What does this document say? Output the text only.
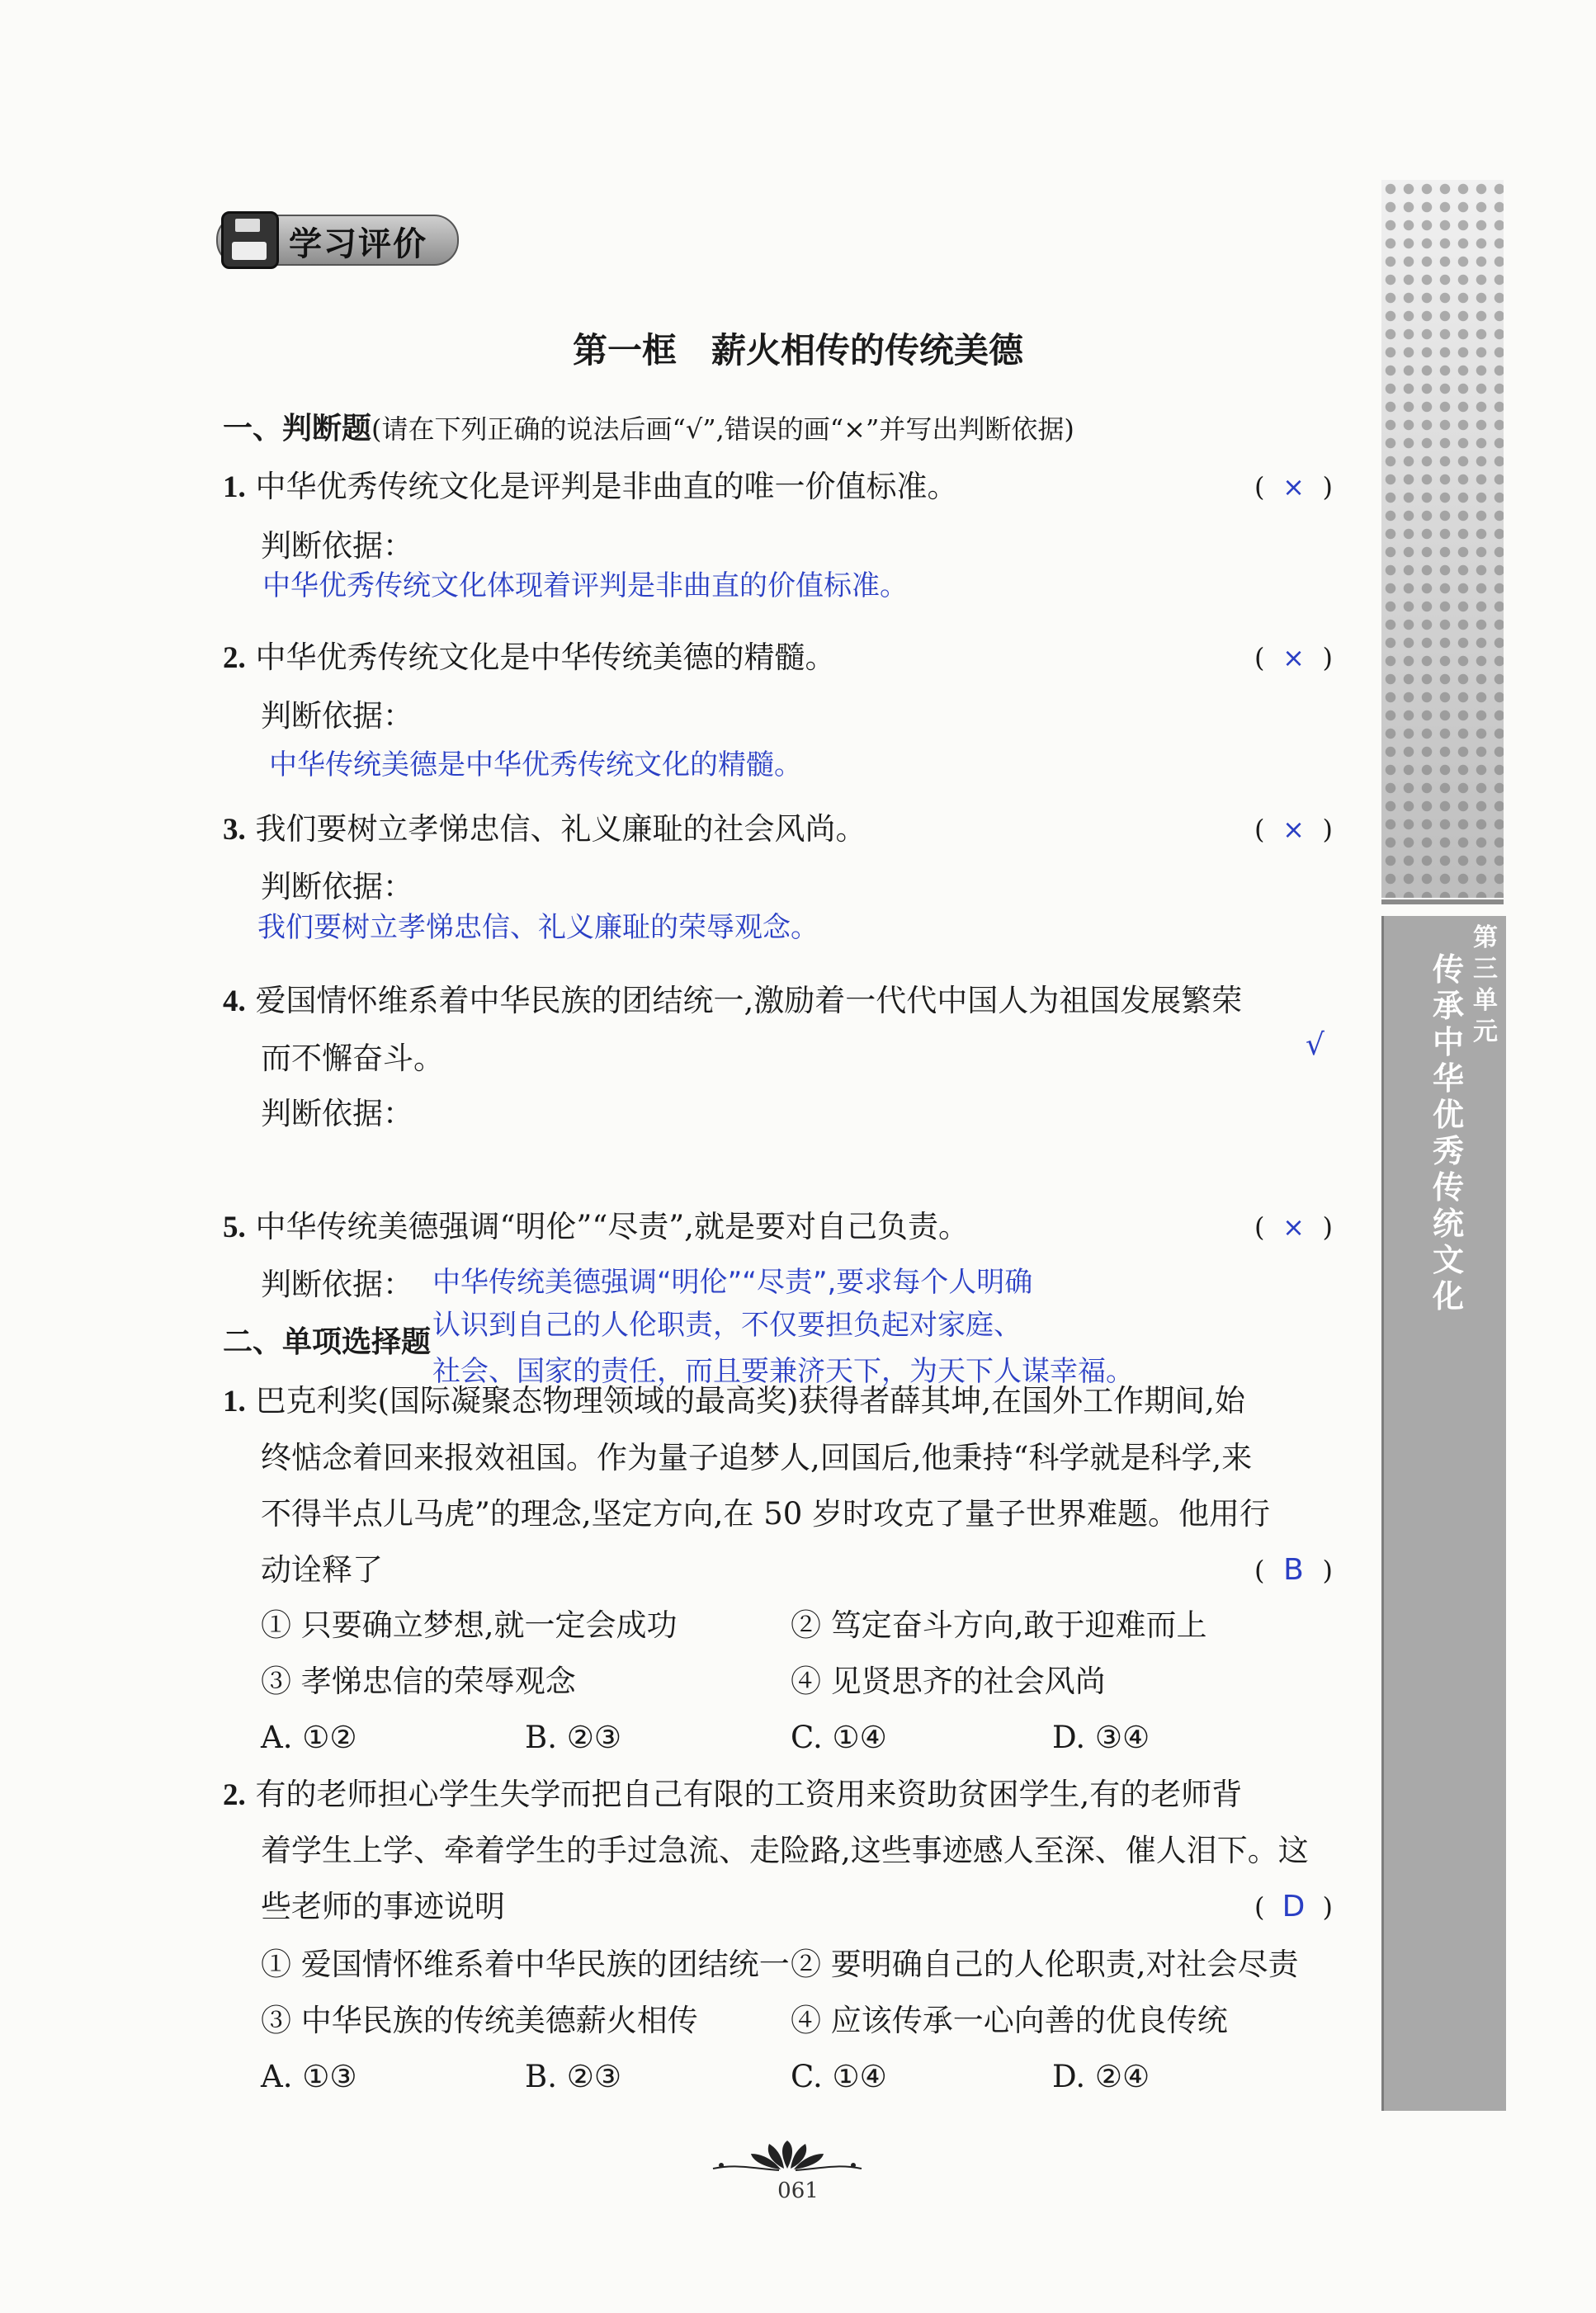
学习评价
第三单元
传承中华优秀传统文化
第一框　薪火相传的传统美德
一、判断题(请在下列正确的说法后画“√”,错误的画“×”并写出判断依据)
1. 中华优秀传统文化是评判是非曲直的唯一价值标准。	( × )
判断依据：
中华优秀传统文化体现着评判是非曲直的价值标准。
2. 中华优秀传统文化是中华传统美德的精髓。	( × )
判断依据：
中华传统美德是中华优秀传统文化的精髓。
3. 我们要树立孝悌忠信、礼义廉耻的社会风尚。	( × )
判断依据：
我们要树立孝悌忠信、礼义廉耻的荣辱观念。
4. 爱国情怀维系着中华民族的团结统一,激励着一代代中国人为祖国发展繁荣
而不懈奋斗。	√
判断依据：
5. 中华传统美德强调“明伦”“尽责”,就是要对自己负责。	( × )
判断依据： 中华传统美德强调“明伦”“尽责”,要求每个人明确
认识到自己的人伦职责，不仅要担负起对家庭、
社会、国家的责任，而且要兼济天下，为天下人谋幸福。
二、单项选择题
1. 巴克利奖(国际凝聚态物理领域的最高奖)获得者薛其坤,在国外工作期间,始
终惦念着回来报效祖国。作为量子追梦人,回国后,他秉持“科学就是科学,来
不得半点儿马虎”的理念,坚定方向,在 50 岁时攻克了量子世界难题。他用行
动诠释了	( B )
① 只要确立梦想,就一定会成功	② 笃定奋斗方向,敢于迎难而上
③ 孝悌忠信的荣辱观念	④ 见贤思齐的社会风尚
A. ①②	B. ②③	C. ①④	D. ③④
2. 有的老师担心学生失学而把自己有限的工资用来资助贫困学生,有的老师背
着学生上学、牵着学生的手过急流、走险路,这些事迹感人至深、催人泪下。这
些老师的事迹说明	( D )
① 爱国情怀维系着中华民族的团结统一 ② 要明确自己的人伦职责,对社会尽责
③ 中华民族的传统美德薪火相传	④ 应该传承一心向善的优良传统
A. ①③	B. ②③	C. ①④	D. ②④
061
